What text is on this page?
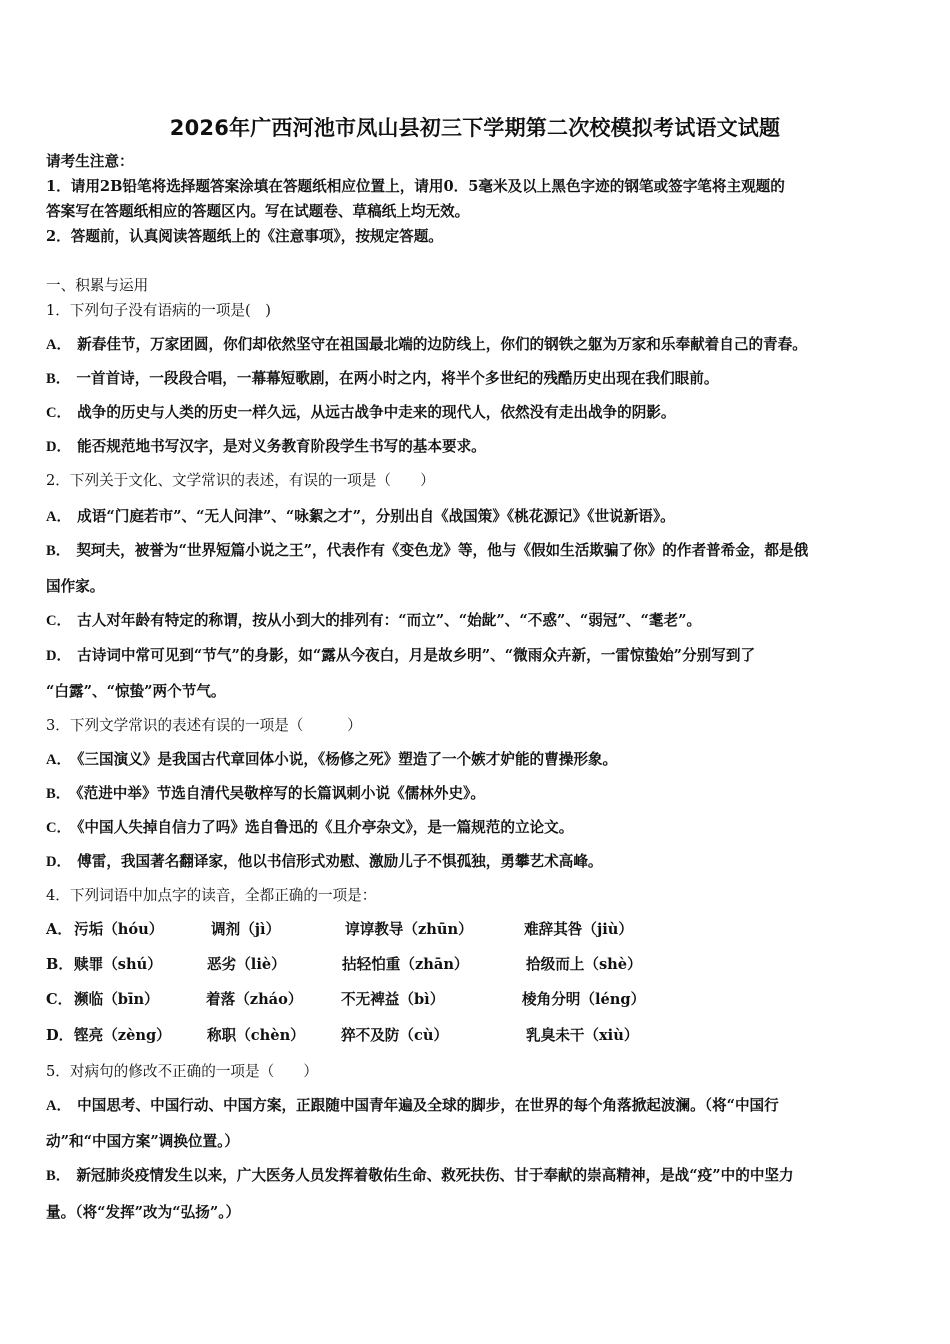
2026年广西河池市凤山县初三下学期第二次校模拟考试语文试题
请考生注意：
1．请用2B铅笔将选择题答案涂填在答题纸相应位置上，请用0．5毫米及以上黑色字迹的钢笔或签字笔将主观题的
答案写在答题纸相应的答题区内。写在试题卷、草稿纸上均无效。
2．答题前，认真阅读答题纸上的《注意事项》，按规定答题。
一、积累与运用
1．下列句子没有语病的一项是(　)
A． 新春佳节，万家团圆，你们却依然坚守在祖国最北端的边防线上，你们的钢铁之躯为万家和乐奉献着自己的青春。
B． 一首首诗，一段段合唱，一幕幕短歌剧，在两小时之内，将半个多世纪的残酷历史出现在我们眼前。
C． 战争的历史与人类的历史一样久远，从远古战争中走来的现代人，依然没有走出战争的阴影。
D． 能否规范地书写汉字，是对义务教育阶段学生书写的基本要求。
2．下列关于文化、文学常识的表述，有误的一项是（　　）
A． 成语“门庭若市”、“无人问津”、“咏絮之才”，分别出自《战国策》《桃花源记》《世说新语》。
B． 契珂夫，被誉为“世界短篇小说之王”，代表作有《变色龙》等，他与《假如生活欺骗了你》的作者普希金，都是俄
国作家。
C． 古人对年龄有特定的称谓，按从小到大的排列有：“而立”、“始龀”、“不惑”、“弱冠”、“耄老”。
D． 古诗词中常可见到“节气”的身影，如“露从今夜白，月是故乡明”、“微雨众卉新，一雷惊蛰始”分别写到了
“白露”、“惊蛰”两个节气。
3．下列文学常识的表述有误的一项是（　　　）
A． 《三国演义》是我国古代章回体小说，《杨修之死》塑造了一个嫉才妒能的曹操形象。
B． 《范进中举》节选自清代吴敬梓写的长篇讽刺小说《儒林外史》。
C． 《中国人失掉自信力了吗》选自鲁迅的《且介亭杂文》，是一篇规范的立论文。
D． 傅雷，我国著名翻译家，他以书信形式劝慰、激励儿子不惧孤独，勇攀艺术高峰。
4．下列词语中加点字的读音，全都正确的一项是：
A． 污垢（hóu）	调剂（jì）	谆谆教导（zhūn）	难辞其咎（jiù）
B． 赎罪（shú）	恶劣（liè）	拈轻怕重（zhān）	拾级而上（shè）
C． 濒临（bīn）	着落（zháo）	不无裨益（bì）	棱角分明（léng）
D． 铿亮（zèng） 称职（chèn） 猝不及防（cù）	乳臭未干（xiù）
5．对病句的修改不正确的一项是（　　）
A． 中国思考、中国行动、中国方案，正跟随中国青年遍及全球的脚步，在世界的每个角落掀起波澜。（将“中国行
动”和“中国方案”调换位置。）
B． 新冠肺炎疫情发生以来，广大医务人员发挥着敬佑生命、救死扶伤、甘于奉献的崇高精神，是战“疫”中的中坚力
量。（将“发挥”改为“弘扬”。）
